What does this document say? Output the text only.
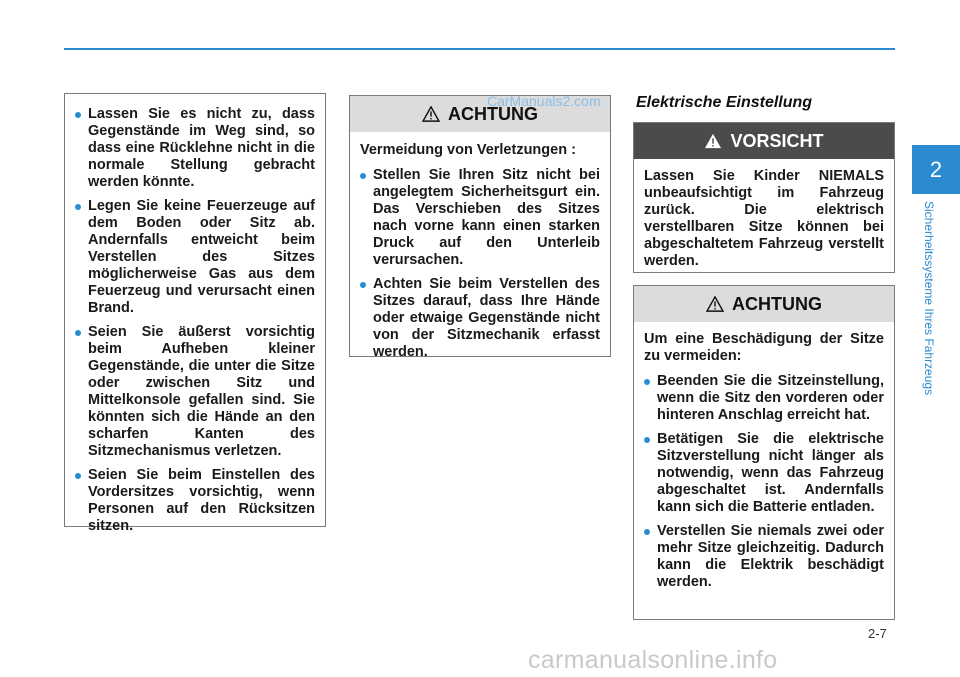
Lassen Sie es nicht zu, dass Gegenstände im Weg sind, so dass eine Rücklehne nicht in die normale Stellung gebracht werden könnte.
Legen Sie keine Feuerzeuge auf dem Boden oder Sitz ab. Andernfalls entweicht beim Verstellen des Sitzes möglicherweise Gas aus dem Feuerzeug und verursacht einen Brand.
Seien Sie äußerst vorsichtig beim Aufheben kleiner Gegenstände, die unter die Sitze oder zwischen Sitz und Mittelkonsole gefallen sind. Sie könnten sich die Hände an den scharfen Kanten des Sitzmechanismus verletzen.
Seien Sie beim Einstellen des Vordersitzes vorsichtig, wenn Personen auf den Rücksitzen sitzen.
ACHTUNG

Vermeidung von Verletzungen :

Stellen Sie Ihren Sitz nicht bei angelegtem Sicherheitsgurt ein. Das Verschieben des Sitzes nach vorne kann einen starken Druck auf den Unterleib verursachen.
Achten Sie beim Verstellen des Sitzes darauf, dass Ihre Hände oder etwaige Gegenstände nicht von der Sitzmechanik erfasst werden.
CarManuals2.com Elektrische Einstellung
VORSICHT

Lassen Sie Kinder NIEMALS unbeaufsichtigt im Fahrzeug zurück. Die elektrisch verstellbaren Sitze können bei abgeschaltetem Fahrzeug verstellt werden.

ACHTUNG

Um eine Beschädigung der Sitze zu vermeiden:

Beenden Sie die Sitzeinstellung, wenn die Sitz den vorderen oder hinteren Anschlag erreicht hat.
Betätigen Sie die elektrische Sitzverstellung nicht länger als notwendig, wenn das Fahrzeug abgeschaltet ist. Andernfalls kann sich die Batterie entladen.
Verstellen Sie niemals zwei oder mehr Sitze gleichzeitig. Dadurch kann die Elektrik beschädigt werden.
2
Sicherheitssysteme Ihres Fahrzeugs
2-7
carmanualsonline.info
